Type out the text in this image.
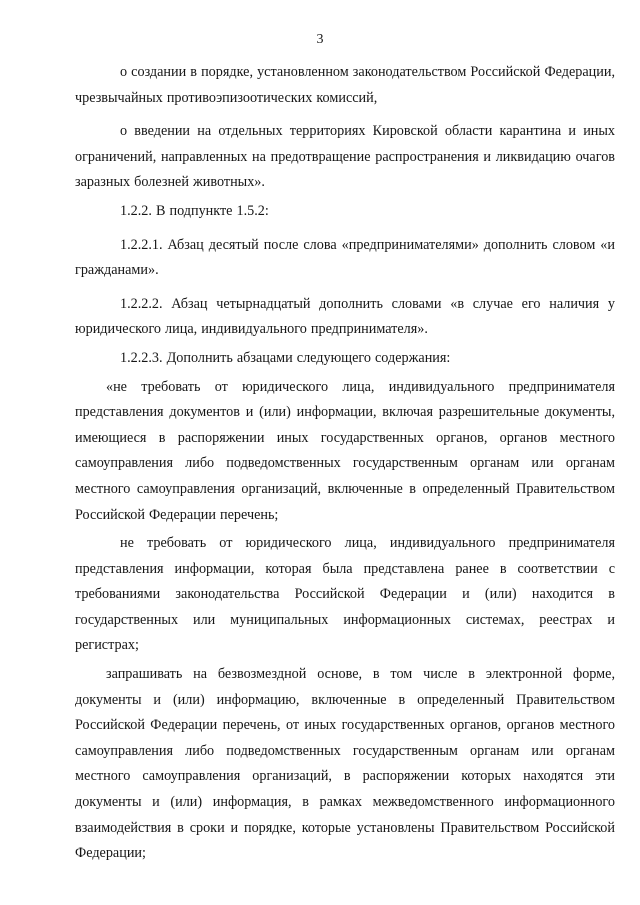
3

о создании в порядке, установленном законодательством Российской Федерации, чрезвычайных противоэпизоотических комиссий,

о введении на отдельных территориях Кировской области карантина и иных ограничений, направленных на предотвращение распространения и ликвидацию очагов заразных болезней животных».

1.2.2. В подпункте 1.5.2:

1.2.2.1. Абзац десятый после слова «предпринимателями» дополнить словом «и гражданами».

1.2.2.2. Абзац четырнадцатый дополнить словами «в случае его наличия у юридического лица, индивидуального предпринимателя».

1.2.2.3. Дополнить абзацами следующего содержания:

«не требовать от юридического лица, индивидуального предпринимателя представления документов и (или) информации, включая разрешительные документы, имеющиеся в распоряжении иных государственных органов, органов местного самоуправления либо подведомственных государственным органам или органам местного самоуправления организаций, включенные в определенный Правительством Российской Федерации перечень;

не требовать от юридического лица, индивидуального предпринимателя представления информации, которая была представлена ранее в соответствии с требованиями законодательства Российской Федерации и (или) находится в государственных или муниципальных информационных системах, реестрах и регистрах;

запрашивать на безвозмездной основе, в том числе в электронной форме, документы и (или) информацию, включенные в определенный Правительством Российской Федерации перечень, от иных государственных органов, органов местного самоуправления либо подведомственных государственным органам или органам местного самоуправления организаций, в распоряжении которых находятся эти документы и (или) информация, в рамках межведомственного информационного взаимодействия в сроки и порядке, которые установлены Правительством Российской Федерации;
